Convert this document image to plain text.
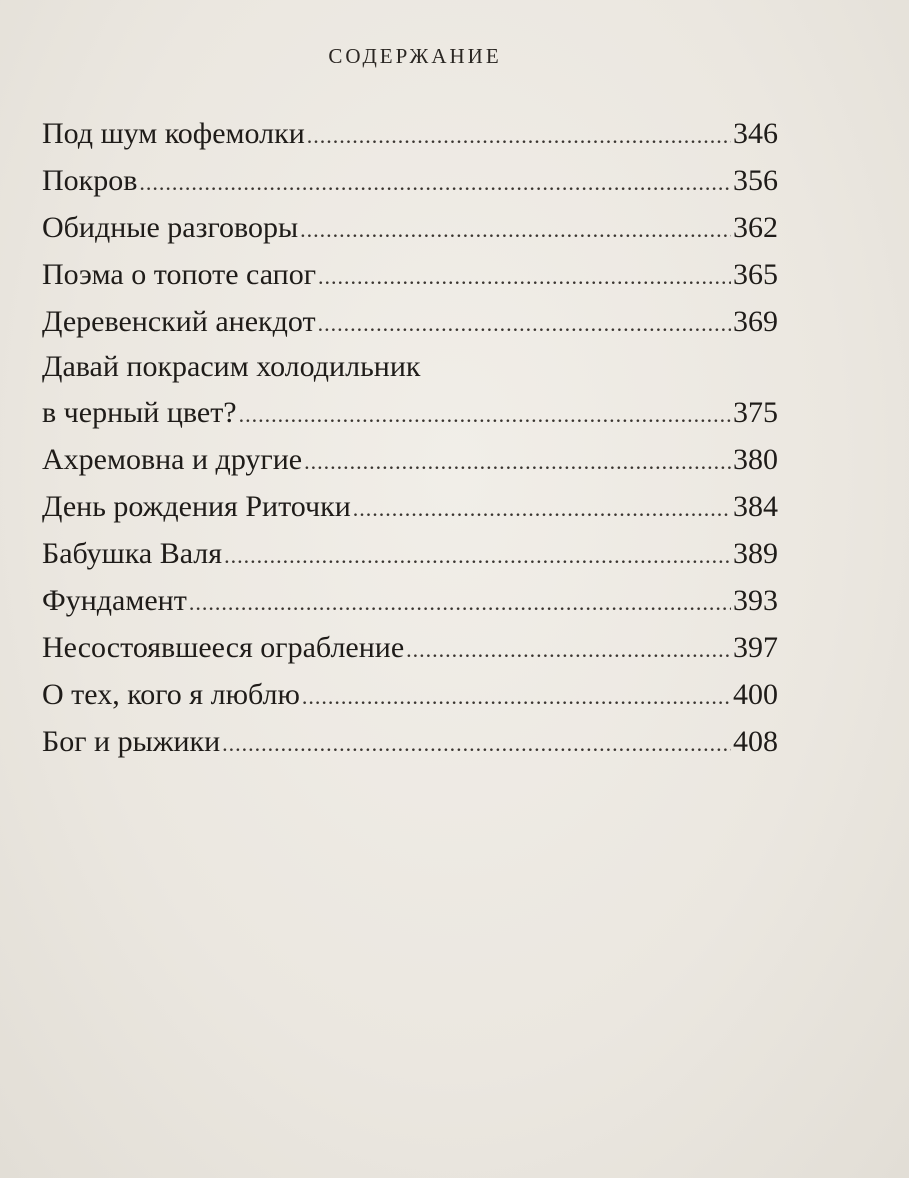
СОДЕРЖАНИЕ
Под шум кофемолки .....	346
Покров .....	356
Обидные разговоры .....	362
Поэма о топоте сапог .....	365
Деревенский анекдот .....	369
Давай покрасим холодильник
в черный цвет? .....	375
Ахремовна и другие .....	380
День рождения Риточки .....	384
Бабушка Валя .....	389
Фундамент .....	393
Несостоявшееся ограбление .....	397
О тех, кого я люблю .....	400
Бог и рыжики .....	408
